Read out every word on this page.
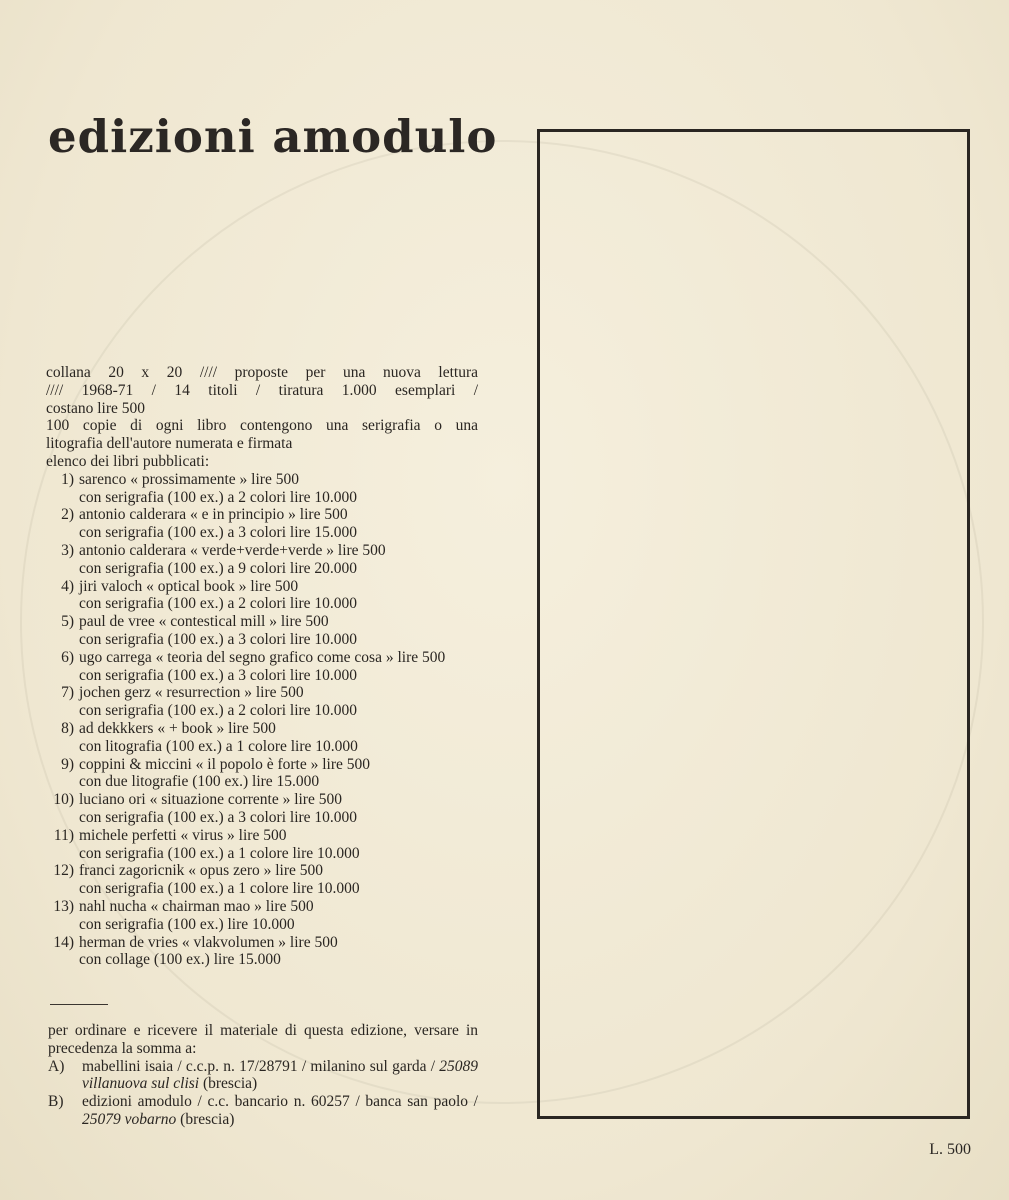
edizioni amodulo

collana 20 x 20 //// proposte per una nuova lettura

//// 1968-71 / 14 titoli / tiratura 1.000 esemplari /

costano lire 500

100 copie di ogni libro contengono una serigrafia o una

litografia dell'autore numerata e firmata

elenco dei libri pubblicati:

1) sarenco « prossimamente » lire 500

con serigrafia (100 ex.) a 2 colori lire 10.000

2) antonio calderara « e in principio » lire 500

con serigrafia (100 ex.) a 3 colori lire 15.000

3) antonio calderara « verde+verde+verde » lire 500

con serigrafia (100 ex.) a 9 colori lire 20.000

4) jiri valoch « optical book » lire 500

con serigrafia (100 ex.) a 2 colori lire 10.000

5) paul de vree « contestical mill » lire 500

con serigrafia (100 ex.) a 3 colori lire 10.000

6) ugo carrega « teoria del segno grafico come cosa » lire 500

con serigrafia (100 ex.) a 3 colori lire 10.000

7) jochen gerz « resurrection » lire 500

con serigrafia (100 ex.) a 2 colori lire 10.000

8) ad dekkkers « + book » lire 500

con litografia (100 ex.) a 1 colore lire 10.000

9) coppini & miccini « il popolo è forte » lire 500

con due litografie (100 ex.) lire 15.000

10) luciano ori « situazione corrente » lire 500

con serigrafia (100 ex.) a 3 colori lire 10.000

11) michele perfetti « virus » lire 500

con serigrafia (100 ex.) a 1 colore lire 10.000

12) franci zagoricnik « opus zero » lire 500

con serigrafia (100 ex.) a 1 colore lire 10.000

13) nahl nucha « chairman mao » lire 500

con serigrafia (100 ex.) lire 10.000

14) herman de vries « vlakvolumen » lire 500

con collage (100 ex.) lire 15.000

per ordinare e ricevere il materiale di questa edizione, versare in precedenza la somma a:

A) mabellini isaia / c.c.p. n. 17/28791 / milanino sul garda / 25089 villanuova sul clisi (brescia)

B) edizioni amodulo / c.c. bancario n. 60257 / banca san paolo / 25079 vobarno (brescia)

L. 500
